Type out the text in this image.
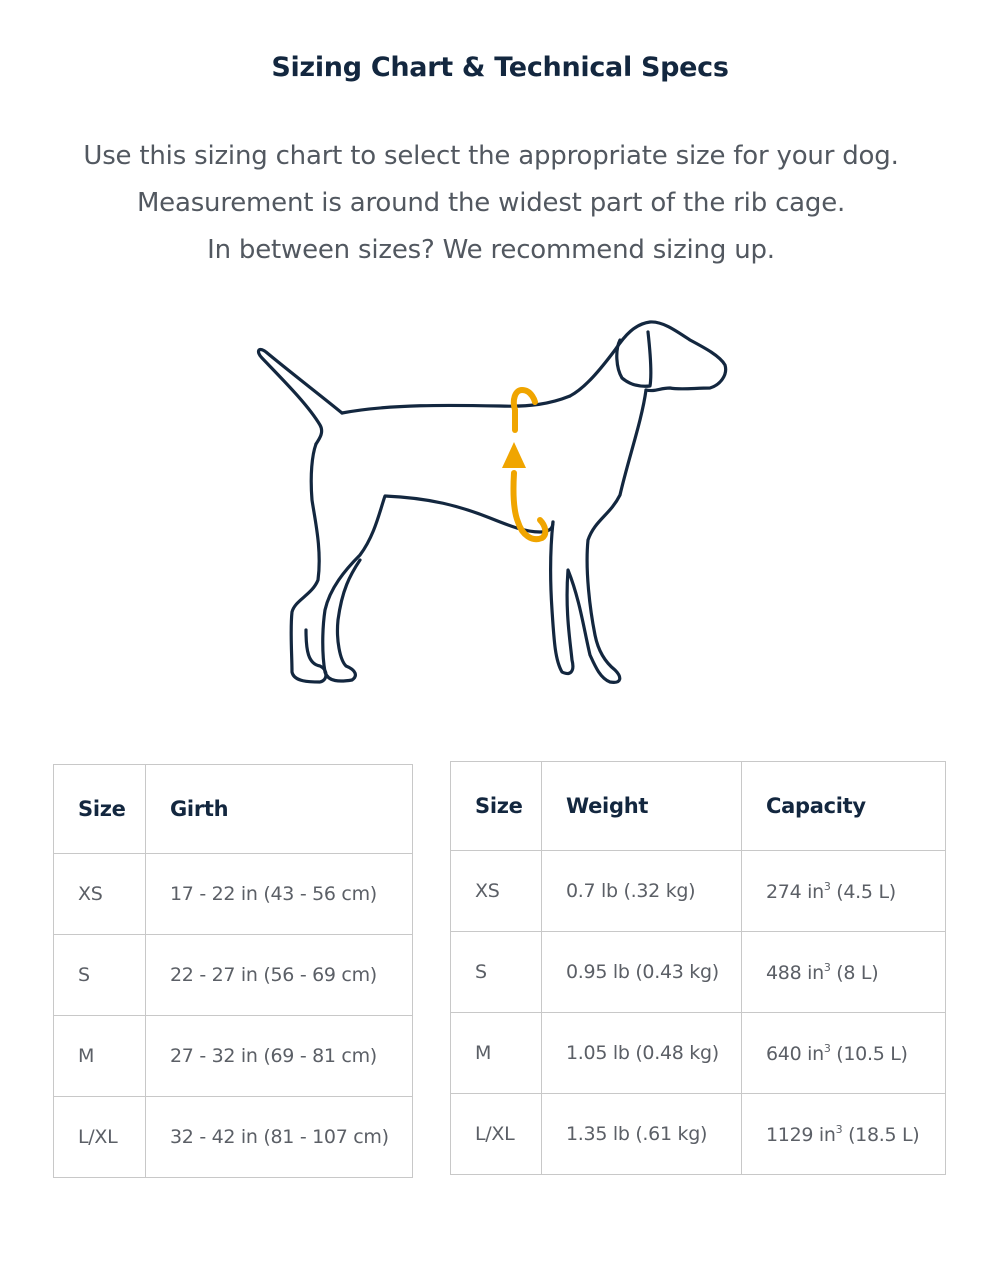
Sizing Chart & Technical Specs
Use this sizing chart to select the appropriate size for your dog.
Measurement is around the widest part of the rib cage.
In between sizes? We recommend sizing up.
Size	Girth
XS	17 - 22 in (43 - 56 cm)
S	22 - 27 in (56 - 69 cm)
M	27 - 32 in (69 - 81 cm)
L/XL	32 - 42 in (81 - 107 cm)
Size	Weight	Capacity
XS	0.7 lb (.32 kg)	274 $in^3$ (4.5 L)
S	0.95 lb (0.43 kg)	488 $in^3$ (8 L)
M	1.05 lb (0.48 kg)	640 $in^3$ (10.5 L)
L/XL	1.35 lb (.61 kg)	1129 $in^3$ (18.5 L)
